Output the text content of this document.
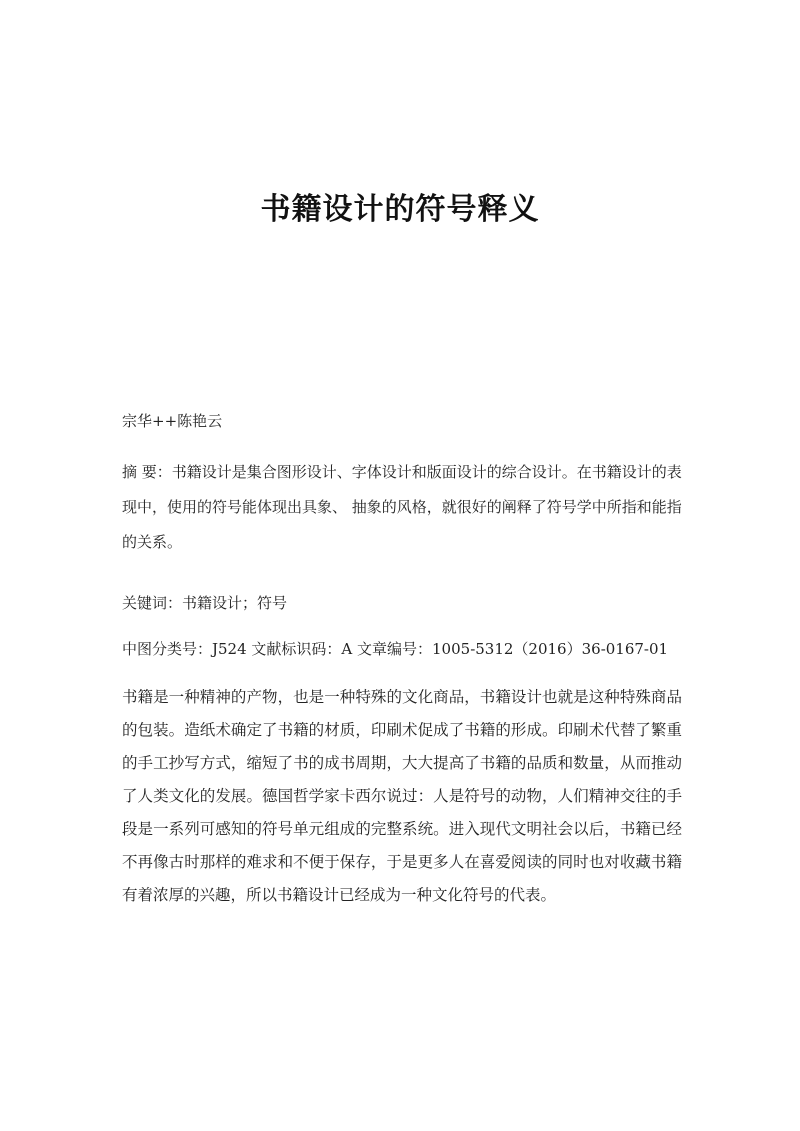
书籍设计的符号释义
宗华++陈艳云
摘 要：书籍设计是集合图形设计、字体设计和版面设计的综合设计。在书籍设计的表现中，使用的符号能体现出具象、 抽象的风格，就很好的阐释了符号学中所指和能指的关系。
关键词：书籍设计；符号
中图分类号：J524 文献标识码：A 文章编号：1005-5312（2016）36-0167-01
书籍是一种精神的产物，也是一种特殊的文化商品，书籍设计也就是这种特殊商品的包装。造纸术确定了书籍的材质，印刷术促成了书籍的形成。印刷术代替了繁重的手工抄写方式，缩短了书的成书周期，大大提高了书籍的品质和数量，从而推动了人类文化的发展。德国哲学家卡西尔说过：人是符号的动物，人们精神交往的手段是一系列可感知的符号单元组成的完整系统。进入现代文明社会以后，书籍已经不再像古时那样的难求和不便于保存，于是更多人在喜爱阅读的同时也对收藏书籍有着浓厚的兴趣，所以书籍设计已经成为一种文化符号的代表。
